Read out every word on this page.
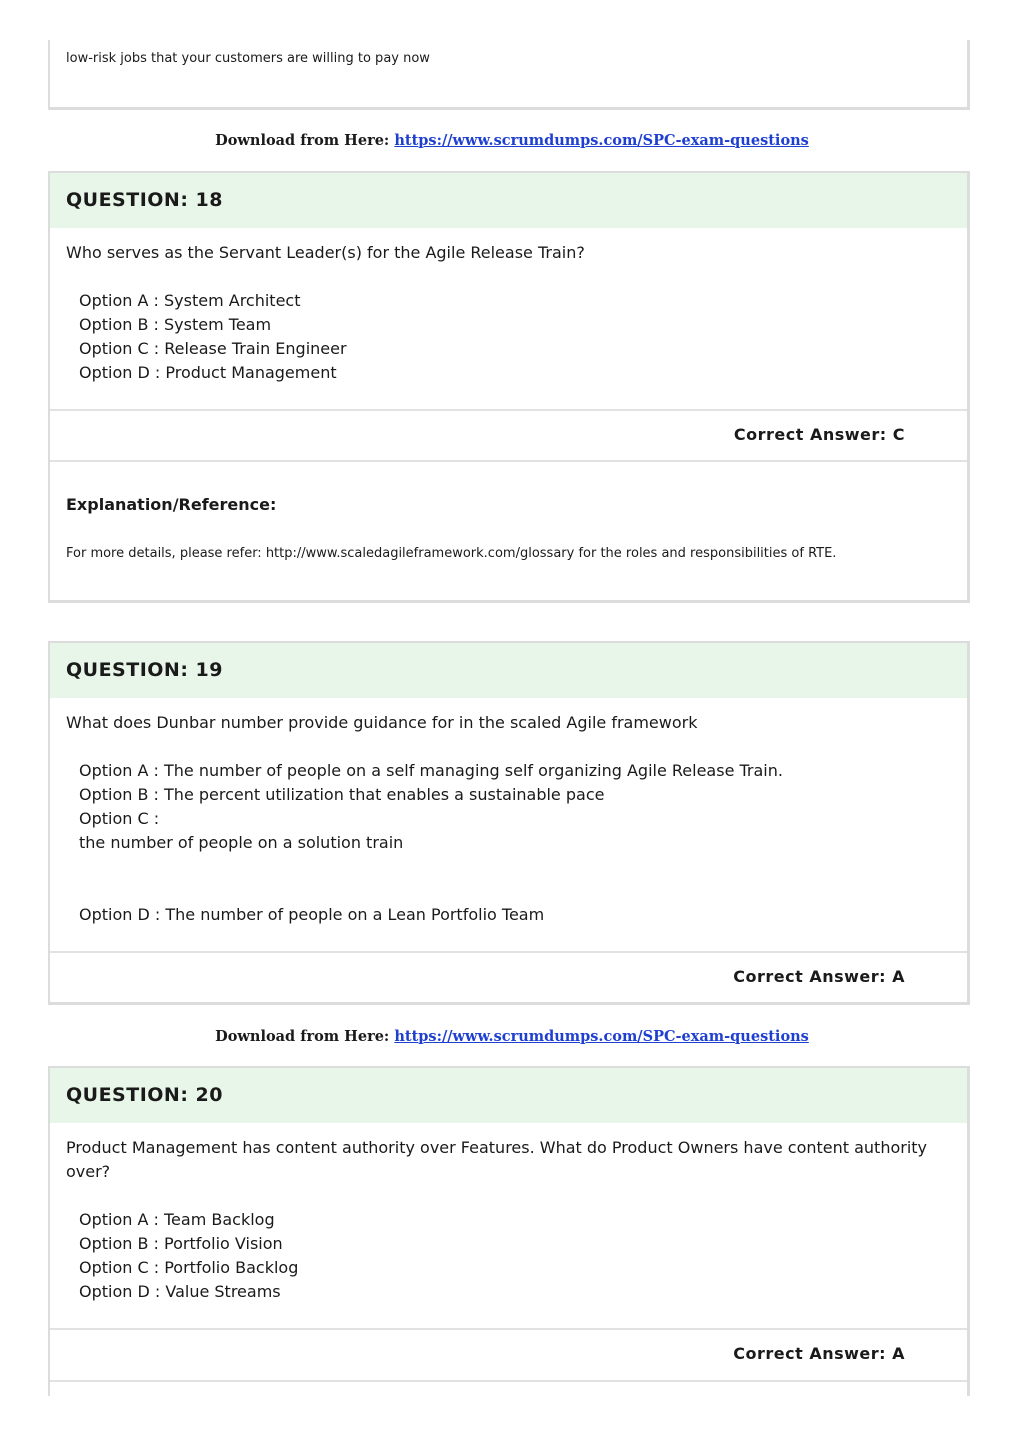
low-risk jobs that your customers are willing to pay now
Download from Here: https://www.scrumdumps.com/SPC-exam-questions
QUESTION: 18
Who serves as the Servant Leader(s) for the Agile Release Train?
Option A : System Architect
Option B : System Team
Option C : Release Train Engineer
Option D : Product Management
Correct Answer: C
Explanation/Reference:
For more details, please refer: http://www.scaledagileframework.com/glossary for the roles and responsibilities of RTE.
QUESTION: 19
What does Dunbar number provide guidance for in the scaled Agile framework
Option A : The number of people on a self managing self organizing Agile Release Train.
Option B : The percent utilization that enables a sustainable pace
Option C :
the number of people on a solution train

Option D : The number of people on a Lean Portfolio Team
Correct Answer: A
Download from Here: https://www.scrumdumps.com/SPC-exam-questions
QUESTION: 20
Product Management has content authority over Features. What do Product Owners have content authority over?
Option A : Team Backlog
Option B : Portfolio Vision
Option C : Portfolio Backlog
Option D : Value Streams
Correct Answer: A
